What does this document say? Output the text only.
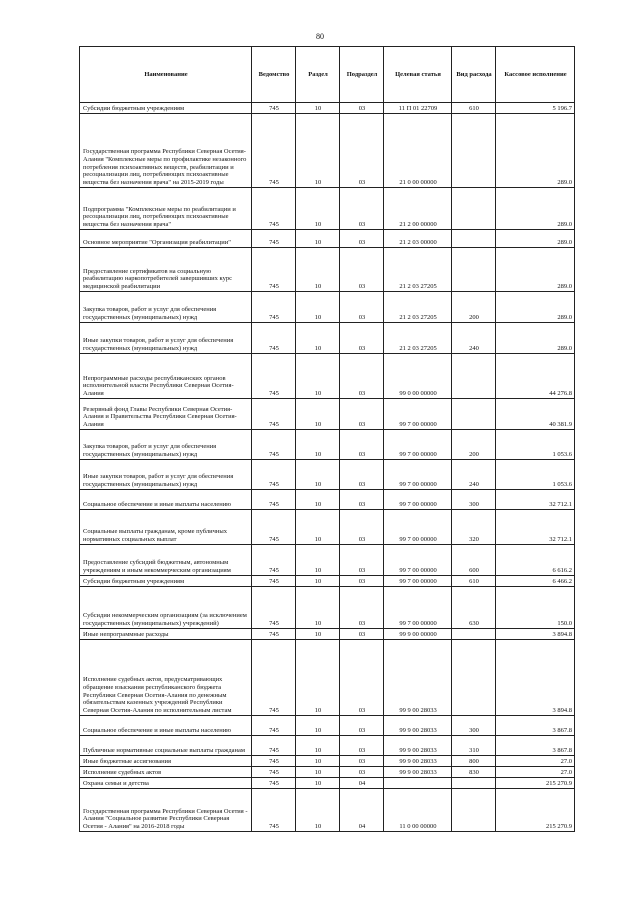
80
Наименование	Ведомство	Раздел	Подраздел	Целевая статья	Вид расхода	Кассовое исполнение
Субсидии бюджетным учреждениям	745	10	03	11 П 01 22709	610	5 196.7
Государственная программа Республики Северная Осетия-Алания "Комплексные меры по профилактике незаконного потребления психоактивных веществ, реабилитации и ресоциализации лиц, потребляющих психоактивные вещества без назначения врача" на 2015-2019 годы	745	10	03	21 0 00 00000		289.0
Подпрограмма "Комплексные меры по реабилитации и ресоциализации лиц, потребляющих психоактивные вещества без назначения врача"	745	10	03	21 2 00 00000		289.0
Основное мероприятие "Организация реабилитации"	745	10	03	21 2 03 00000		289.0
Предоставление сертификатов на социальную реабилитацию наркопотребителей завершивших курс медицинской реабилитации	745	10	03	21 2 03 27205		289.0
Закупка товаров, работ и услуг для обеспечения государственных (муниципальных) нужд	745	10	03	21 2 03 27205	200	289.0
Иные закупки товаров, работ и услуг для обеспечения государственных (муниципальных) нужд	745	10	03	21 2 03 27205	240	289.0
Непрограммные расходы республиканских органов исполнительной власти Республики Северная Осетия-Алания	745	10	03	99 0 00 00000		44 276.8
Резервный фонд Главы Республики Северная Осетия-Алания и Правительства Республики Северная Осетия-Алания	745	10	03	99 7 00 00000		40 381.9
Закупка товаров, работ и услуг для обеспечения государственных (муниципальных) нужд	745	10	03	99 7 00 00000	200	1 053.6
Иные закупки товаров, работ и услуг для обеспечения государственных (муниципальных) нужд	745	10	03	99 7 00 00000	240	1 053.6
Социальное обеспечение и иные выплаты населению	745	10	03	99 7 00 00000	300	32 712.1
Социальные выплаты гражданам, кроме публичных нормативных социальных выплат	745	10	03	99 7 00 00000	320	32 712.1
Предоставление субсидий бюджетным, автономным учреждениям и иным некоммерческим организациям	745	10	03	99 7 00 00000	600	6 616.2
Субсидии бюджетным учреждениям	745	10	03	99 7 00 00000	610	6 466.2
Субсидии некоммерческим организациям (за исключением государственных (муниципальных) учреждений)	745	10	03	99 7 00 00000	630	150.0
Иные непрограммные расходы	745	10	03	99 9 00 00000		3 894.8
Исполнение судебных актов, предусматривающих обращение взыскания республиканского бюджета Республики Северная Осетия-Алания по денежным обязательствам казенных учреждений Республики Северная Осетия-Алания по исполнительным листам	745	10	03	99 9 00 28033		3 894.8
Социальное обеспечение и иные выплаты населению	745	10	03	99 9 00 28033	300	3 867.8
Публичные нормативные социальные выплаты гражданам	745	10	03	99 9 00 28033	310	3 867.8
Иные бюджетные ассигнования	745	10	03	99 9 00 28033	800	27.0
Исполнение судебных актов	745	10	03	99 9 00 28033	830	27.0
Охрана семьи и детства	745	10	04			215 270.9
Государственная программа Республики Северная Осетия - Алания "Социальное развитие Республики Северная Осетия - Алания" на 2016-2018 годы	745	10	04	11 0 00 00000		215 270.9
